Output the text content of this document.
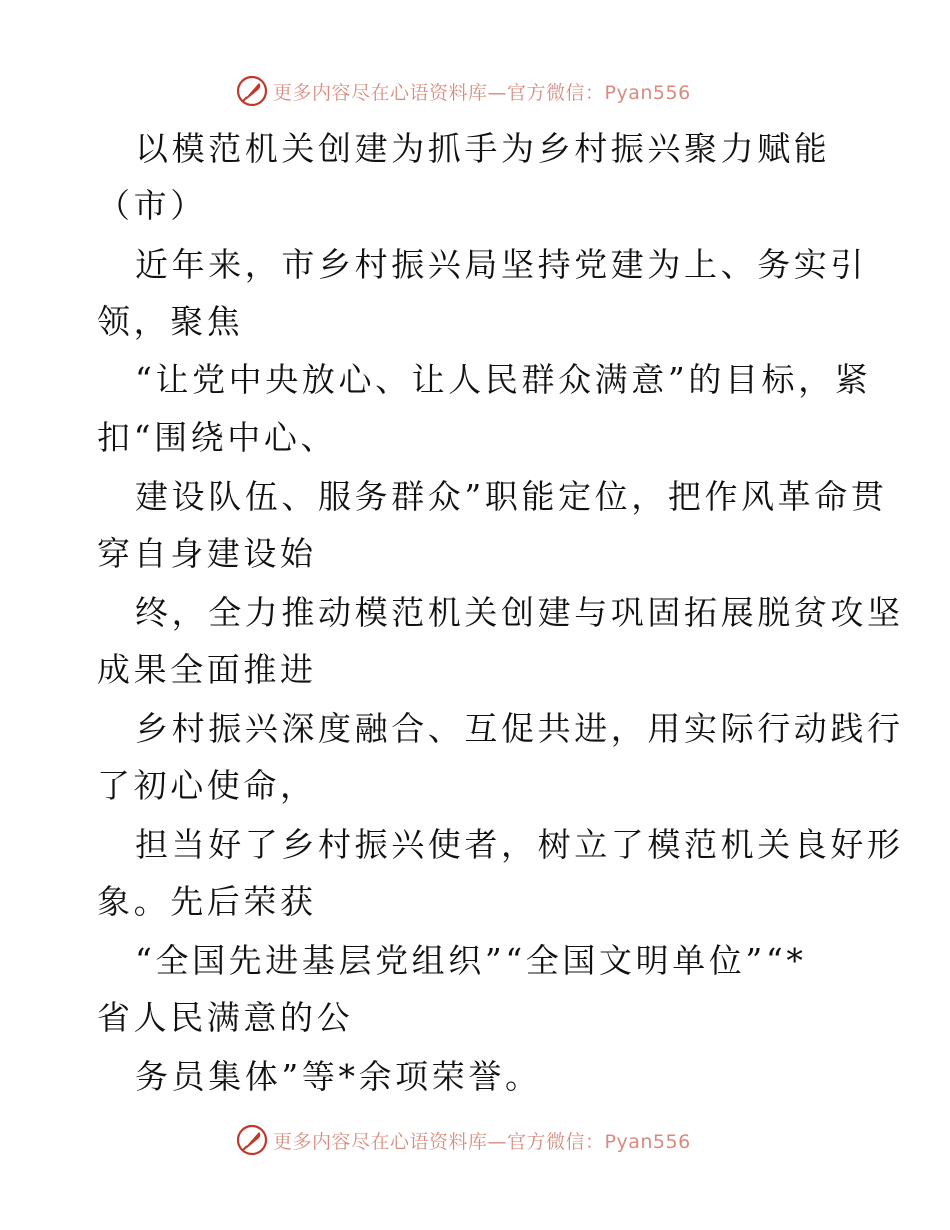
更多内容尽在心语资料库—官方微信：Pyan556
以模范机关创建为抓手为乡村振兴聚力赋能
（市）
近年来，市乡村振兴局坚持党建为上、务实引
领，聚焦
“让党中央放心、让人民群众满意”的目标，紧
扣“围绕中心、
建设队伍、服务群众”职能定位，把作风革命贯
穿自身建设始
终，全力推动模范机关创建与巩固拓展脱贫攻坚
成果全面推进
乡村振兴深度融合、互促共进，用实际行动践行
了初心使命，
担当好了乡村振兴使者，树立了模范机关良好形
象。先后荣获
“全国先进基层党组织”“全国文明单位”“*
省人民满意的公
务员集体”等*余项荣誉。
更多内容尽在心语资料库—官方微信：Pyan556
